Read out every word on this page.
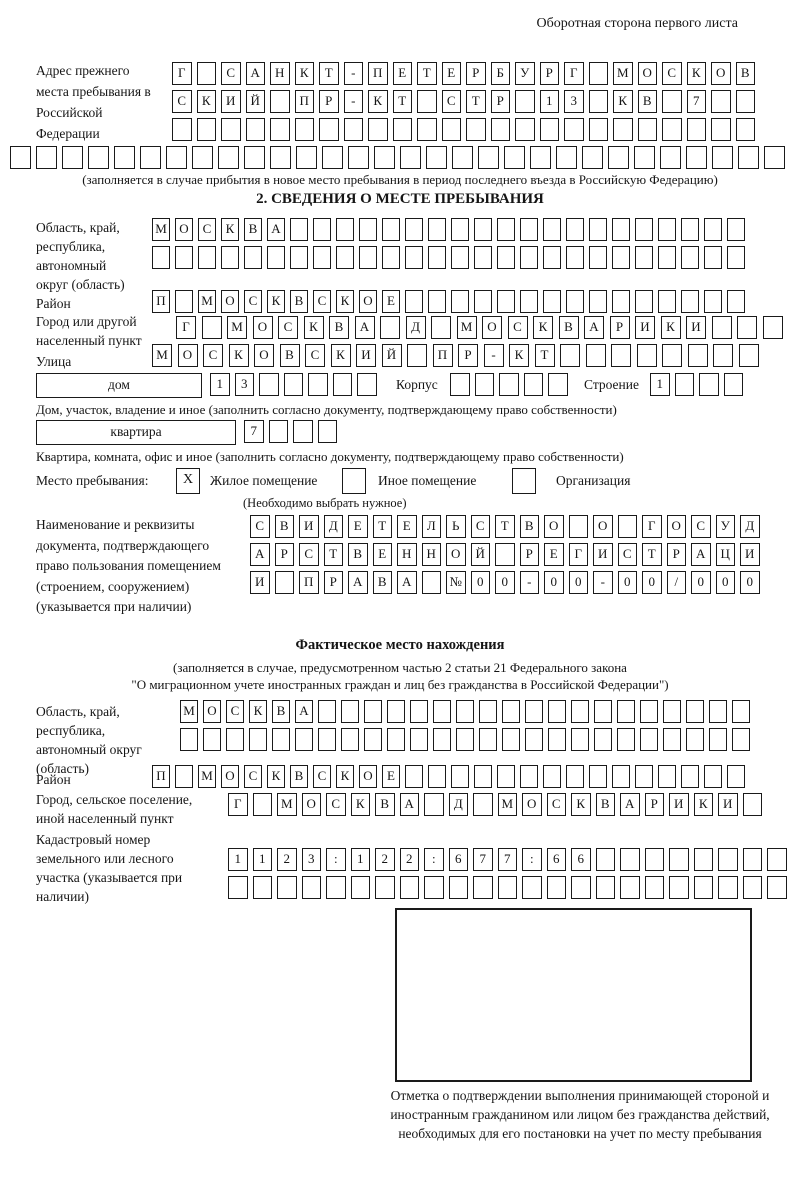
Оборотная сторона первого листа
Адрес прежнего места пребывания в Российской Федерации
Г	С	А	Н	К	Т	-	П	Е	Т	Е	Р	Б	У	Р	Г	М	О	С	К	О	В
С	К	И	Й	П	Р	-	К	Т	С	Т	Р	1	3	К	В	7
(заполняется в случае прибытия в новое место пребывания в период последнего въезда в Российскую Федерацию)
2. СВЕДЕНИЯ О МЕСТЕ ПРЕБЫВАНИЯ
Область, край, республика, автономный округ (область)
М О	С	К	В	А
Район	П	М О	С	К	В	С	К	О	Е
Город или другой населенный пункт
Г	М	О	С	К	В	А	Д	М	О	С	К	В	А	Р	И	К	И
Улица	М	О	С	К	О	В	С	К	И	Й	П	Р	-	К	Т
дом	1	3	Корпус	Строение	1
Дом, участок, владение и иное (заполнить согласно документу, подтверждающему право собственности)
квартира	7
Квартира, комната, офис и иное (заполнить согласно документу, подтверждающему право собственности)
Место пребывания:	X	Жилое помещение	Иное помещение	Организация
(Необходимо выбрать нужное)
Наименование и реквизиты документа, подтверждающего право пользования помещением (строением, сооружением) (указывается при наличии)
С	В	И	Д	Е	Т	Е	Л	Ь	С	Т	В	О	О	Г	О	С	У	Д
А	Р	С	Т	В	Е	Н	Н	О	Й	Р	Е	Г	И	С	Т	Р	А	Ц	И
И	П	Р	А	В	А	№	0	0	-	0	0	-	0	0	/	0	0	0
Фактическое место нахождения
(заполняется в случае, предусмотренном частью 2 статьи 21 Федерального закона
"О миграционном учете иностранных граждан и лиц без гражданства в Российской Федерации")
Область, край, республика, автономный округ (область)
М О	С	К	В	А
Район	П	М О	С	К	В	С	К	О	Е
Город, сельское поселение, иной населенный пункт
Г	М	О	С	К	В	А	Д	М	О	С	К	В	А	Р	И	К	И
Кадастровый номер земельного или лесного участка (указывается при наличии)
1	1	2	3	:	1	2	2	:	6	7	7	:	6	6
Отметка о подтверждении выполнения принимающей стороной и иностранным гражданином или лицом без гражданства действий, необходимых для его постановки на учет по месту пребывания
